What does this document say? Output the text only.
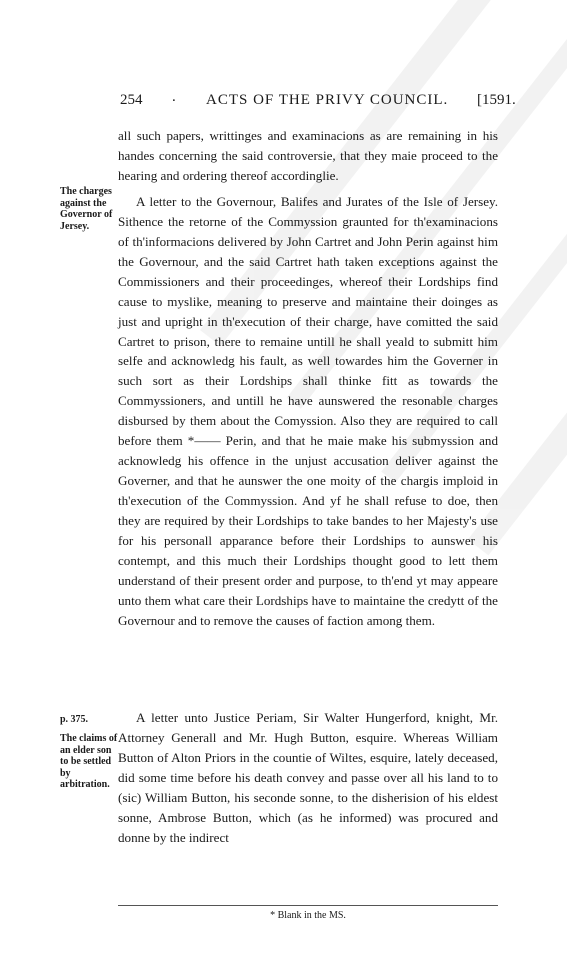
254 . ACTS OF THE PRIVY COUNCIL. [1591.
The charges against the Governor of Jersey.
p. 375.
The claims of an elder son to be settled by arbitration.

all such papers, writtinges and examinacions as are remaining in his handes concerning the said controversie, that they maie proceed to the hearing and ordering thereof accordinglie.

A letter to the Governour, Balifes and Jurates of the Isle of Jersey. Sithence the retorne of the Commyssion graunted for th'examinacions of th'informacions delivered by John Cartret and John Perin against him the Governour, and the said Cartret hath taken exceptions against the Commissioners and their proceedinges, whereof their Lordships find cause to myslike, meaning to preserve and maintaine their doinges as just and upright in th'execution of their charge, have comitted the said Cartret to prison, there to remaine untill he shall yeald to submitt him selfe and acknowledg his fault, as well towardes him the Governer in such sort as their Lordships shall thinke fitt as towards the Commyssioners, and untill he have aunswered the resonable charges disbursed by them about the Comyssion. Also they are required to call before them *—— Perin, and that he maie make his submyssion and acknowledg his offence in the unjust accusation deliver against the Governer, and that he aunswer the one moity of the chargis imploid in th'execution of the Commyssion. And yf he shall refuse to doe, then they are required by their Lordships to take bandes to her Majesty's use for his personall apparance before their Lordships to aunswer his contempt, and this much their Lordships thought good to lett them understand of their present order and purpose, to th'end yt may appeare unto them what care their Lordships have to maintaine the credytt of the Governour and to remove the causes of faction among them.

A letter unto Justice Periam, Sir Walter Hungerford, knight, Mr. Attorney Generall and Mr. Hugh Button, esquire. Whereas William Button of Alton Priors in the countie of Wiltes, esquire, lately deceased, did some time before his death convey and passe over all his land to to (sic) William Button, his seconde sonne, to the disherision of his eldest sonne, Ambrose Button, which (as he informed) was procured and donne by the indirect

* Blank in the MS.
